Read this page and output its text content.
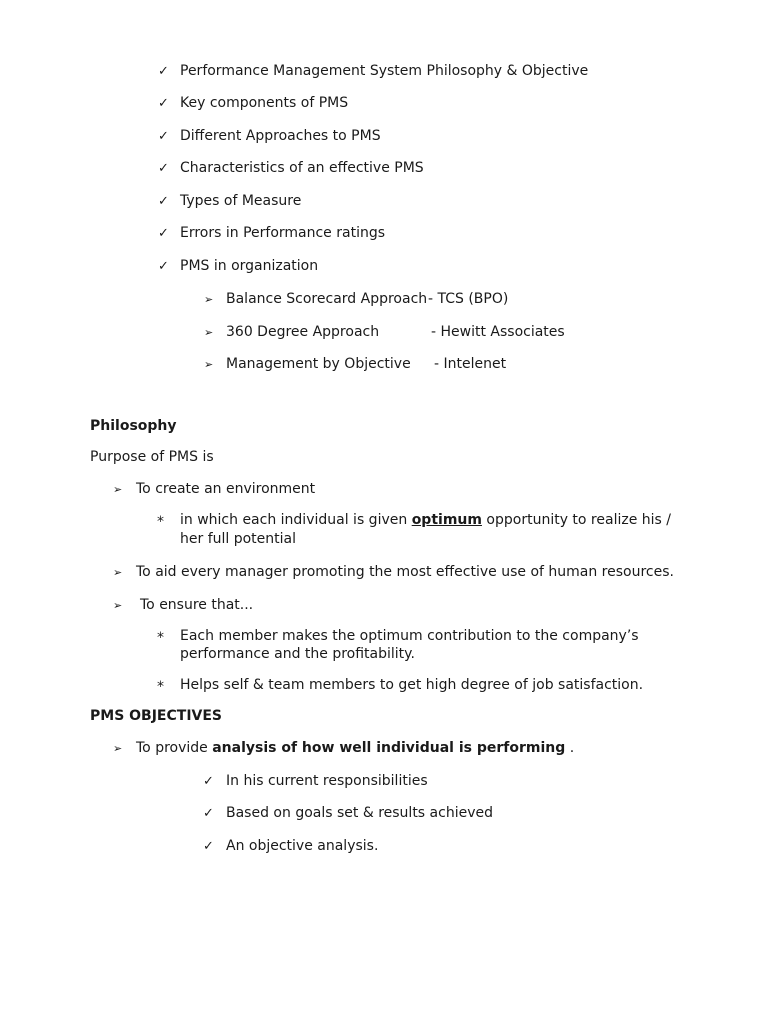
✓ Performance Management System Philosophy & Objective
✓ Key components of PMS
✓ Different Approaches to PMS
✓ Characteristics of an effective PMS
✓ Types of Measure
✓ Errors in Performance ratings
✓ PMS in organization
➢ Balance Scorecard Approach - TCS (BPO)
➢ 360 Degree Approach	- Hewitt Associates
➢ Management by Objective - Intelenet
Philosophy
Purpose of PMS is
➢ To create an environment
* in which each individual is given optimum opportunity to realize his /
her full potential
➢ To aid every manager promoting the most effective use of human resources.
➢ To ensure that...
* Each member makes the optimum contribution to the company’s
performance and the profitability.
* Helps self & team members to get high degree of job satisfaction.
PMS OBJECTIVES
➢ To provide analysis of how well individual is performing .
✓ In his current responsibilities
✓ Based on goals set & results achieved
✓ An objective analysis.
